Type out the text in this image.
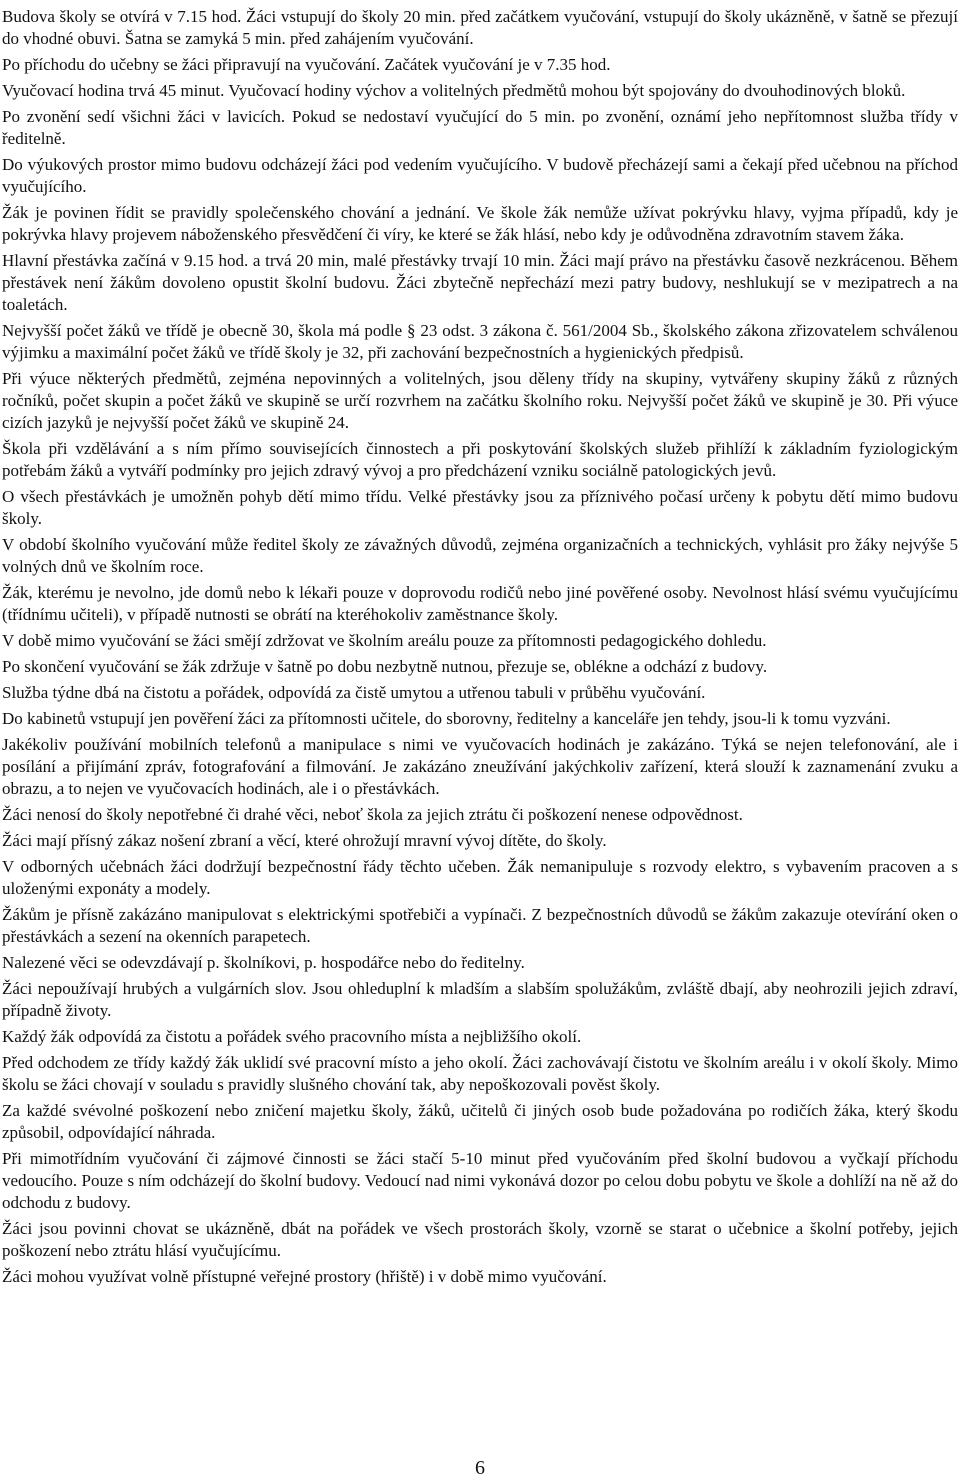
Budova školy se otvírá v 7.15 hod. Žáci vstupují do školy 20 min. před začátkem vyučování, vstupují do školy ukázněně, v šatně se přezují do vhodné obuvi. Šatna se zamyká 5 min. před zahájením vyučování.

Po příchodu do učebny se žáci připravují na vyučování. Začátek vyučování je v 7.35 hod.

Vyučovací hodina trvá 45 minut. Vyučovací hodiny výchov a volitelných předmětů mohou být spojovány do dvouhodinových bloků.

Po zvonění sedí všichni žáci v lavicích. Pokud se nedostaví vyučující do 5 min. po zvonění, oznámí jeho nepřítomnost služba třídy v ředitelně.

Do výukových prostor mimo budovu odcházejí žáci pod vedením vyučujícího. V budově přecházejí sami a čekají před učebnou na příchod vyučujícího.

Žák je povinen řídit se pravidly společenského chování a jednání. Ve škole žák nemůže užívat pokrývku hlavy, vyjma případů, kdy je pokrývka hlavy projevem náboženského přesvědčení či víry, ke které se žák hlásí, nebo kdy je odůvodněna zdravotním stavem žáka.

Hlavní přestávka začíná v 9.15 hod. a trvá 20 min, malé přestávky trvají 10 min. Žáci mají právo na přestávku časově nezkrácenou. Během přestávek není žákům dovoleno opustit školní budovu. Žáci zbytečně nepřechází mezi patry budovy, neshlukují se v mezipatrech a na toaletách.

Nejvyšší počet žáků ve třídě je obecně 30, škola má podle § 23 odst. 3 zákona č. 561/2004 Sb., školského zákona zřizovatelem schválenou výjimku a maximální počet žáků ve třídě školy je 32, při zachování bezpečnostních a hygienických předpisů.

Při výuce některých předmětů, zejména nepovinných a volitelných, jsou děleny třídy na skupiny, vytvářeny skupiny žáků z různých ročníků, počet skupin a počet žáků ve skupině se určí rozvrhem na začátku školního roku. Nejvyšší počet žáků ve skupině je 30. Při výuce cizích jazyků je nejvyšší počet žáků ve skupině 24.

Škola při vzdělávání a s ním přímo souvisejících činnostech a při poskytování školských služeb přihlíží k základním fyziologickým potřebám žáků a vytváří podmínky pro jejich zdravý vývoj a pro předcházení vzniku sociálně patologických jevů.

O všech přestávkách je umožněn pohyb dětí mimo třídu. Velké přestávky jsou za příznivého počasí určeny k pobytu dětí mimo budovu školy.

V období školního vyučování může ředitel školy ze závažných důvodů, zejména organizačních a technických, vyhlásit pro žáky nejvýše 5 volných dnů ve školním roce.

Žák, kterému je nevolno, jde domů nebo k lékaři pouze v doprovodu rodičů nebo jiné pověřené osoby. Nevolnost hlásí svému vyučujícímu (třídnímu učiteli), v případě nutnosti se obrátí na kteréhokoliv zaměstnance školy.

V době mimo vyučování se žáci smějí zdržovat ve školním areálu pouze za přítomnosti pedagogického dohledu.

Po skončení vyučování se žák zdržuje v šatně po dobu nezbytně nutnou, přezuje se, oblékne a odchází z budovy.

Služba týdne dbá na čistotu a pořádek, odpovídá za čistě umytou a utřenou tabuli v průběhu vyučování.

Do kabinetů vstupují jen pověření žáci za přítomnosti učitele, do sborovny, ředitelny a kanceláře jen tehdy, jsou-li k tomu vyzváni.

Jakékoliv používání mobilních telefonů a manipulace s nimi ve vyučovacích hodinách je zakázáno. Týká se nejen telefonování, ale i posílání a přijímání zpráv, fotografování a filmování. Je zakázáno zneužívání jakýchkoliv zařízení, která slouží k zaznamenání zvuku a obrazu, a to nejen ve vyučovacích hodinách, ale i o přestávkách.

Žáci nenosí do školy nepotřebné či drahé věci, neboť škola za jejich ztrátu či poškození nenese odpovědnost.

Žáci mají přísný zákaz nošení zbraní a věcí, které ohrožují mravní vývoj dítěte, do školy.

V odborných učebnách žáci dodržují bezpečnostní řády těchto učeben. Žák nemanipuluje s rozvody elektro, s vybavením pracoven a s uloženými exponáty a modely.

Žákům je přísně zakázáno manipulovat s elektrickými spotřebiči a vypínači. Z bezpečnostních důvodů se žákům zakazuje otevírání oken o přestávkách a sezení na okenních parapetech.

Nalezené věci se odevzdávají p. školníkovi, p. hospodářce nebo do ředitelny.

Žáci nepoužívají hrubých a vulgárních slov. Jsou ohleduplní k mladším a slabším spolužákům, zvláště dbají, aby neohrozili jejich zdraví, případně životy.

Každý žák odpovídá za čistotu a pořádek svého pracovního místa a nejbližšího okolí.

Před odchodem ze třídy každý žák uklidí své pracovní místo a jeho okolí. Žáci zachovávají čistotu ve školním areálu i v okolí školy. Mimo školu se žáci chovají v souladu s pravidly slušného chování tak, aby nepoškozovali pověst školy.

Za každé svévolné poškození nebo zničení majetku školy, žáků, učitelů či jiných osob bude požadována po rodičích žáka, který škodu způsobil, odpovídající náhrada.

Při mimotřídním vyučování či zájmové činnosti se žáci stačí 5-10 minut před vyučováním před školní budovou a vyčkají příchodu vedoucího. Pouze s ním odcházejí do školní budovy. Vedoucí nad nimi vykonává dozor po celou dobu pobytu ve škole a dohlíží na ně až do odchodu z budovy.

Žáci jsou povinni chovat se ukázněně, dbát na pořádek ve všech prostorách školy, vzorně se starat o učebnice a školní potřeby, jejich poškození nebo ztrátu hlásí vyučujícímu.

Žáci mohou využívat volně přístupné veřejné prostory (hřiště) i v době mimo vyučování.

6
